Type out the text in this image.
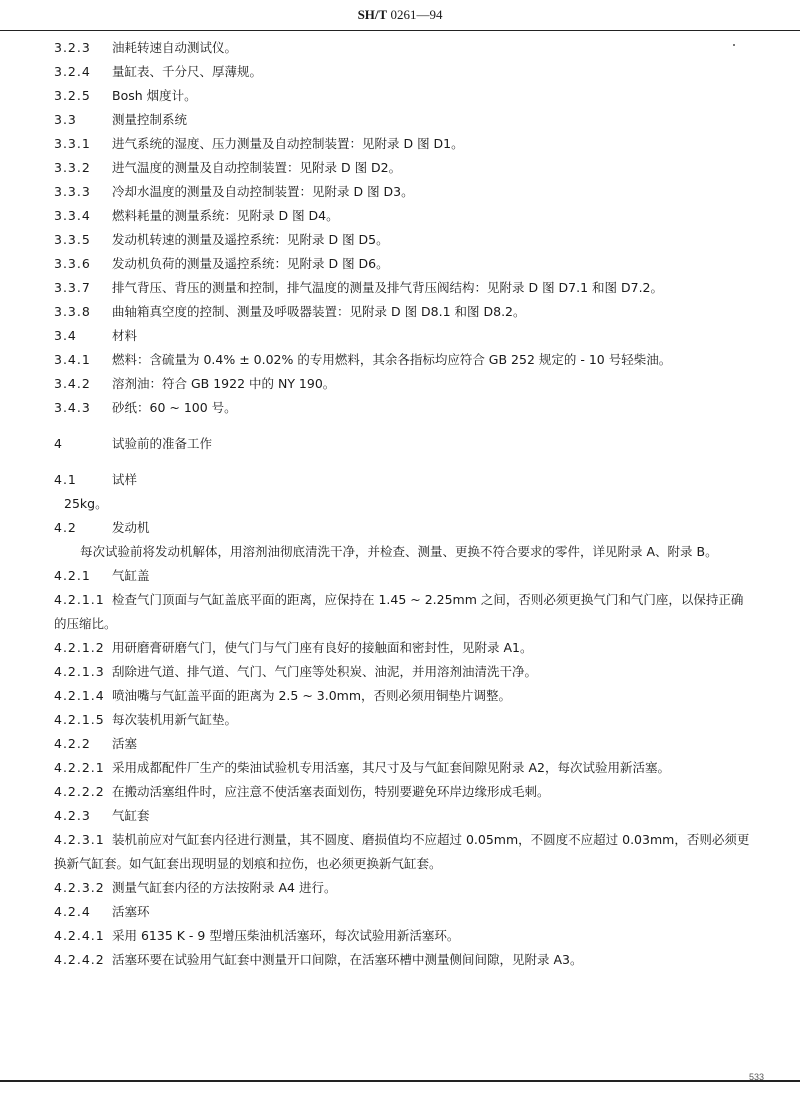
SH/T 0261—94
3.2.3 油耗转速自动测试仪。
3.2.4 量缸表、千分尺、厚薄规。
3.2.5 Bosh 烟度计。
3.3	测量控制系统
3.3.1 进气系统的湿度、压力测量及自动控制装置：见附录 D 图 D1。
3.3.2 进气温度的测量及自动控制装置：见附录 D 图 D2。
3.3.3 冷却水温度的测量及自动控制装置：见附录 D 图 D3。
3.3.4 燃料耗量的测量系统：见附录 D 图 D4。
3.3.5 发动机转速的测量及遥控系统：见附录 D 图 D5。
3.3.6 发动机负荷的测量及遥控系统：见附录 D 图 D6。
3.3.7 排气背压、背压的测量和控制，排气温度的测量及排气背压阀结构：见附录 D 图 D7.1 和图 D7.2。
3.3.8 曲轴箱真空度的控制、测量及呼吸器装置：见附录 D 图 D8.1 和图 D8.2。
3.4	材料
3.4.1 燃料：含硫量为 0.4% ± 0.02% 的专用燃料，其余各指标均应符合 GB 252 规定的 - 10 号轻柴油。
3.4.2 溶剂油：符合 GB 1922 中的 NY 190。
3.4.3 砂纸：60 ~ 100 号。
4	试验前的准备工作
4.1	试样
25kg。
4.2	发动机
每次试验前将发动机解体，用溶剂油彻底清洗干净，并检查、测量、更换不符合要求的零件，详见附录 A、附录 B。
4.2.1 气缸盖
4.2.1.1 检查气门顶面与气缸盖底平面的距离，应保持在 1.45 ~ 2.25mm 之间，否则必须更换气门和气门座，以保持正确的压缩比。
4.2.1.2 用研磨膏研磨气门，使气门与气门座有良好的接触面和密封性，见附录 A1。
4.2.1.3 刮除进气道、排气道、气门、气门座等处积炭、油泥，并用溶剂油清洗干净。
4.2.1.4 喷油嘴与气缸盖平面的距离为 2.5 ~ 3.0mm，否则必须用铜垫片调整。
4.2.1.5 每次装机用新气缸垫。
4.2.2 活塞
4.2.2.1 采用成都配件厂生产的柴油试验机专用活塞，其尺寸及与气缸套间隙见附录 A2，每次试验用新活塞。
4.2.2.2 在搬动活塞组件时，应注意不使活塞表面划伤，特别要避免环岸边缘形成毛刺。
4.2.3 气缸套
4.2.3.1 装机前应对气缸套内径进行测量，其不圆度、磨损值均不应超过 0.05mm，不圆度不应超过 0.03mm，否则必须更换新气缸套。如气缸套出现明显的划痕和拉伤，也必须更换新气缸套。
4.2.3.2 测量气缸套内径的方法按附录 A4 进行。
4.2.4 活塞环
4.2.4.1 采用 6135 K - 9 型增压柴油机活塞环，每次试验用新活塞环。
4.2.4.2 活塞环要在试验用气缸套中测量开口间隙，在活塞环槽中测量侧间间隙，见附录 A3。
533
